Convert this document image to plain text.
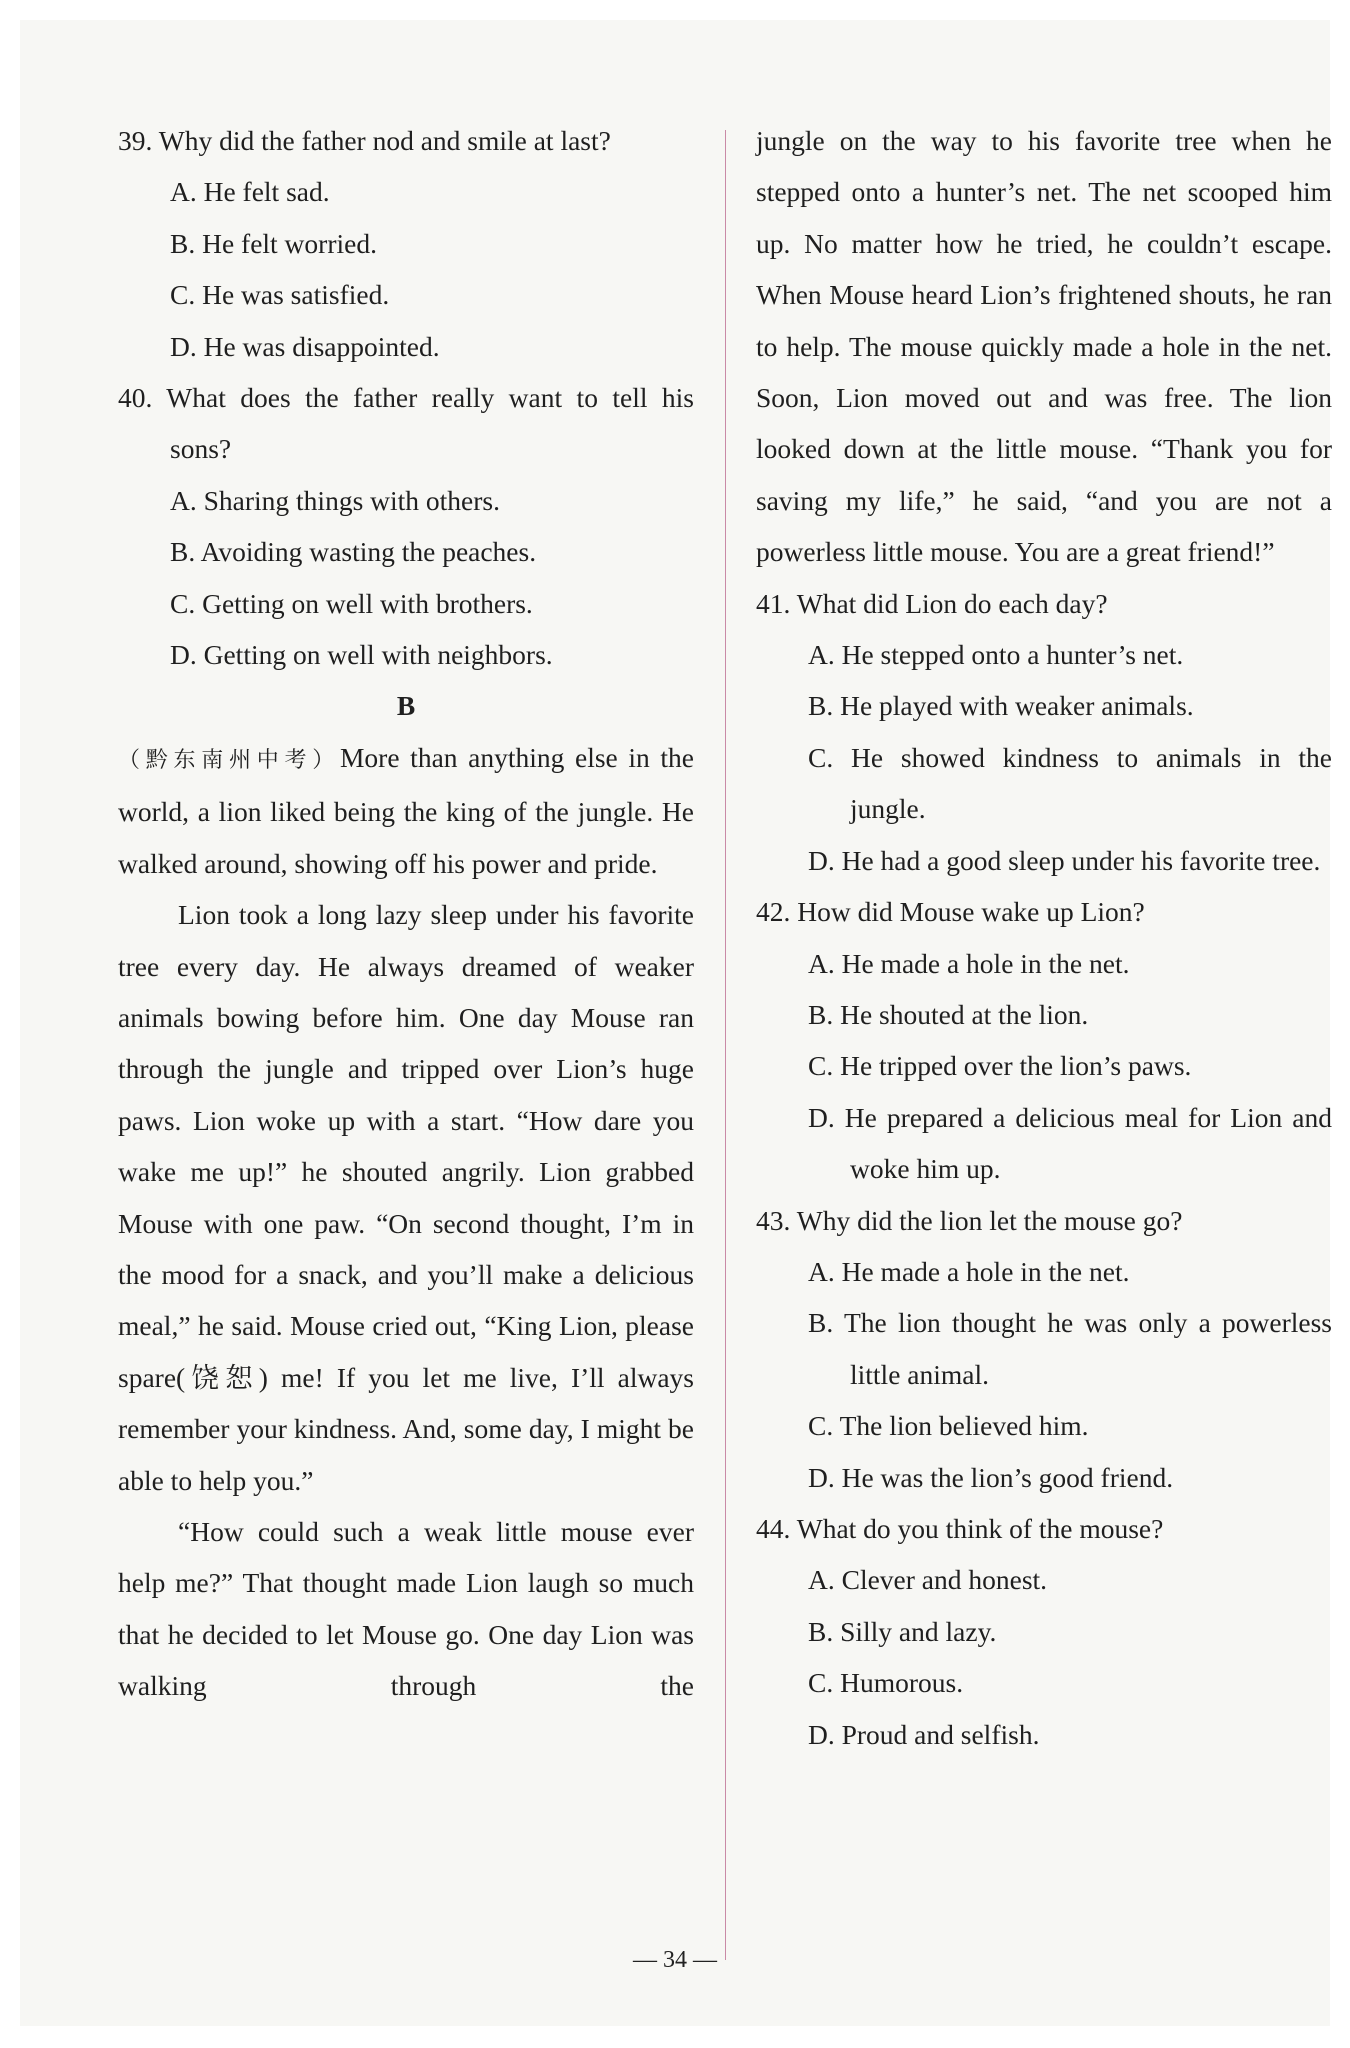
39. Why did the father nod and smile at last?
A. He felt sad.
B. He felt worried.
C. He was satisfied.
D. He was disappointed.
40. What does the father really want to tell his sons?
A. Sharing things with others.
B. Avoiding wasting the peaches.
C. Getting on well with brothers.
D. Getting on well with neighbors.
B
（黔东南州中考）More than anything else in the world, a lion liked being the king of the jungle. He walked around, showing off his power and pride.
Lion took a long lazy sleep under his favorite tree every day. He always dreamed of weaker animals bowing before him. One day Mouse ran through the jungle and tripped over Lion’s huge paws. Lion woke up with a start. “How dare you wake me up!” he shouted angrily. Lion grabbed Mouse with one paw. “On second thought, I’m in the mood for a snack, and you’ll make a delicious meal,” he said. Mouse cried out, “King Lion, please spare(饶恕) me! If you let me live, I’ll always remember your kindness. And, some day, I might be able to help you.”
“How could such a weak little mouse ever help me?” That thought made Lion laugh so much that he decided to let Mouse go. One day Lion was walking through the
jungle on the way to his favorite tree when he stepped onto a hunter’s net. The net scooped him up. No matter how he tried, he couldn’t escape. When Mouse heard Lion’s frightened shouts, he ran to help. The mouse quickly made a hole in the net. Soon, Lion moved out and was free. The lion looked down at the little mouse. “Thank you for saving my life,” he said, “and you are not a powerless little mouse. You are a great friend!”
41. What did Lion do each day?
A. He stepped onto a hunter’s net.
B. He played with weaker animals.
C. He showed kindness to animals in the jungle.
D. He had a good sleep under his favorite tree.
42. How did Mouse wake up Lion?
A. He made a hole in the net.
B. He shouted at the lion.
C. He tripped over the lion’s paws.
D. He prepared a delicious meal for Lion and woke him up.
43. Why did the lion let the mouse go?
A. He made a hole in the net.
B. The lion thought he was only a powerless little animal.
C. The lion believed him.
D. He was the lion’s good friend.
44. What do you think of the mouse?
A. Clever and honest.
B. Silly and lazy.
C. Humorous.
D. Proud and selfish.
— 34 —
